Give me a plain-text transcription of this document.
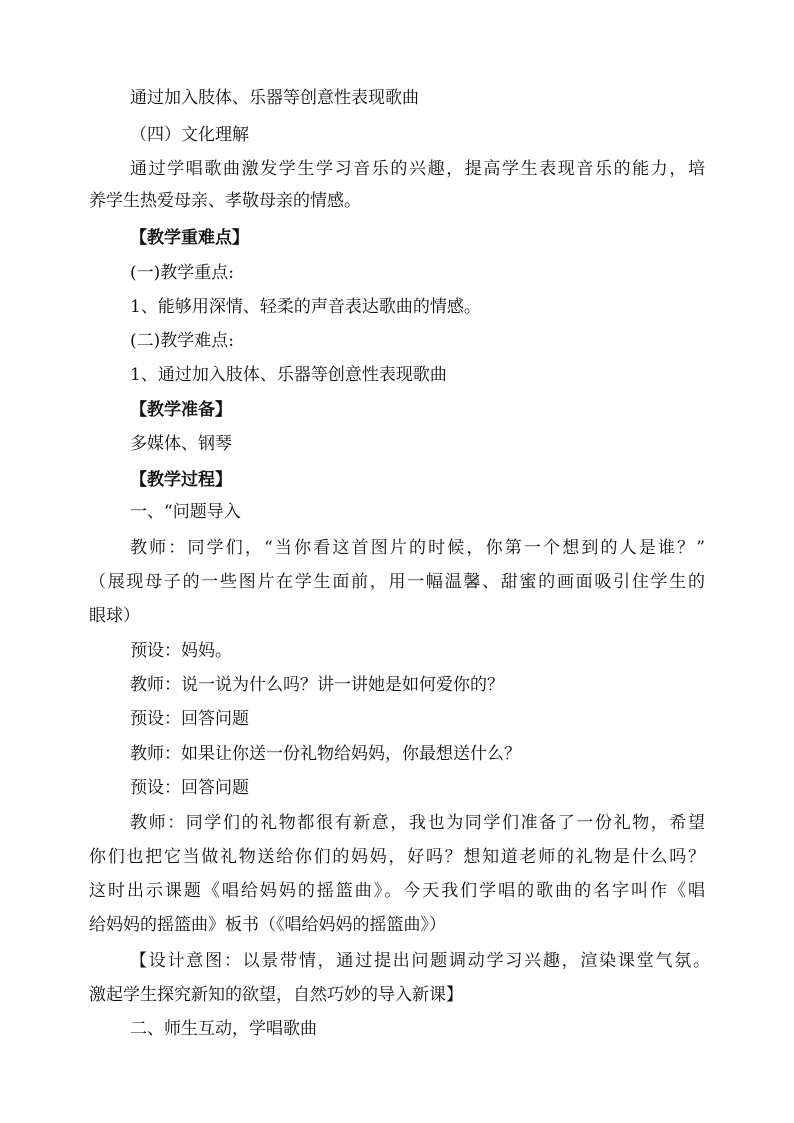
通过加入肢体、乐器等创意性表现歌曲
（四）文化理解
通过学唱歌曲激发学生学习音乐的兴趣，提高学生表现音乐的能力，培
养学生热爱母亲、孝敬母亲的情感。
【教学重难点】
(一)教学重点:
1、能够用深情、轻柔的声音表达歌曲的情感。
(二)教学难点:
1、通过加入肢体、乐器等创意性表现歌曲
【教学准备】
多媒体、钢琴
【教学过程】
一、“问题导入
教师：同学们，“当你看这首图片的时候，你第一个想到的人是谁？”
（展现母子的一些图片在学生面前，用一幅温馨、甜蜜的画面吸引住学生的
眼球）
预设：妈妈。
教师：说一说为什么吗？讲一讲她是如何爱你的？
预设：回答问题
教师：如果让你送一份礼物给妈妈，你最想送什么？
预设：回答问题
教师：同学们的礼物都很有新意，我也为同学们准备了一份礼物，希望
你们也把它当做礼物送给你们的妈妈，好吗？想知道老师的礼物是什么吗？
这时出示课题《唱给妈妈的摇篮曲》。今天我们学唱的歌曲的名字叫作《唱
给妈妈的摇篮曲》板书（《唱给妈妈的摇篮曲》）
【设计意图：以景带情，通过提出问题调动学习兴趣，渲染课堂气氛。
激起学生探究新知的欲望，自然巧妙的导入新课】
二、师生互动，学唱歌曲
